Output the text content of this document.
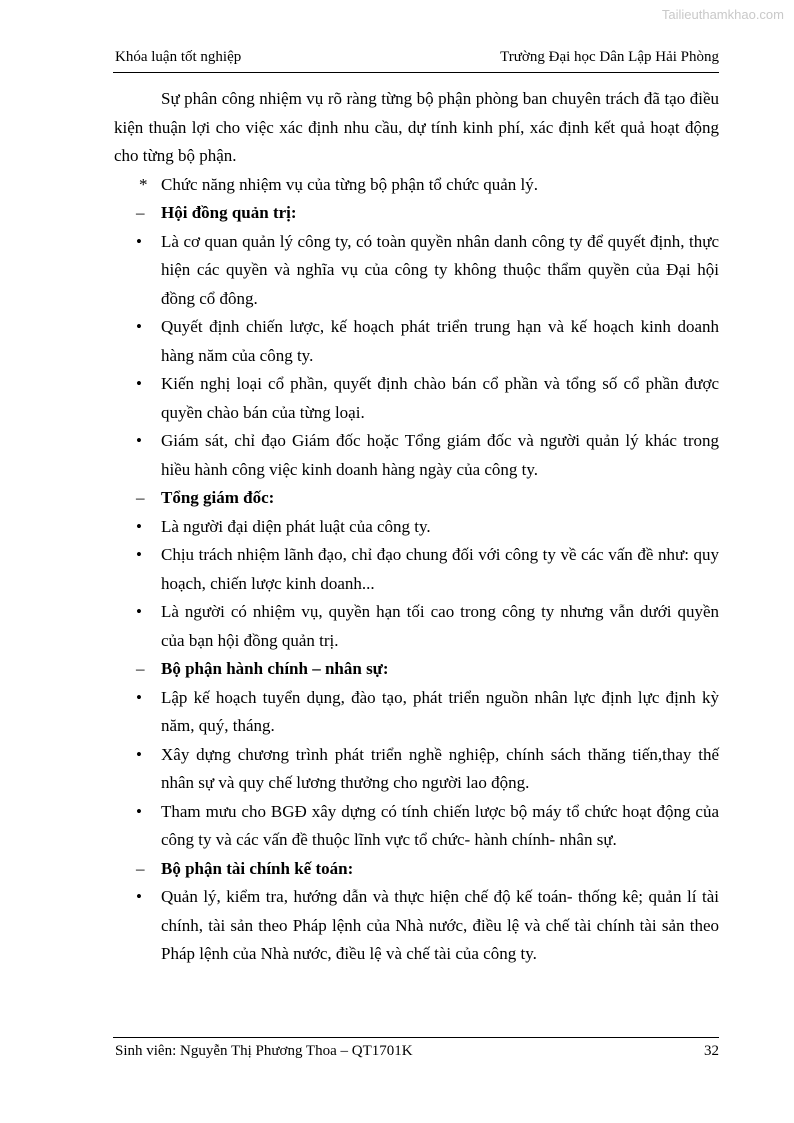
Tailieuthamkhao.com
Khóa luận tốt nghiệp	Trường Đại học Dân Lập Hải Phòng

Sự phân công nhiệm vụ rõ ràng từng bộ phận phòng ban chuyên trách đã tạo điều kiện thuận lợi cho việc xác định nhu cầu, dự tính kinh phí, xác định kết quả hoạt động cho từng bộ phận.

* Chức năng nhiệm vụ của từng bộ phận tổ chức quản lý.

– Hội đồng quản trị:

• Là cơ quan quản lý công ty, có toàn quyền nhân danh công ty để quyết định, thực hiện các quyền và nghĩa vụ của công ty không thuộc thẩm quyền của Đại hội đồng cổ đông.

• Quyết định chiến lược, kế hoạch phát triển trung hạn và kế hoạch kinh doanh hàng năm của công ty.

• Kiến nghị loại cổ phần, quyết định chào bán cổ phần và tổng số cổ phần được quyền chào bán của từng loại.

• Giám sát, chỉ đạo Giám đốc hoặc Tổng giám đốc và người quản lý khác trong hiều hành công việc kinh doanh hàng ngày của công ty.

– Tổng giám đốc:

• Là người đại diện phát luật của công ty.

• Chịu trách nhiệm lãnh đạo, chỉ đạo chung đối với công ty về các vấn đề như: quy hoạch, chiến lược kinh doanh...

• Là người có nhiệm vụ, quyền hạn tối cao trong công ty nhưng vẫn dưới quyền của bạn hội đồng quản trị.

– Bộ phận hành chính – nhân sự:

• Lập kế hoạch tuyển dụng, đào tạo, phát triển nguồn nhân lực định lực định kỳ năm, quý, tháng.

• Xây dựng chương trình phát triển nghề nghiệp, chính sách thăng tiến,thay thế nhân sự và quy chế lương thưởng cho người lao động.

• Tham mưu cho BGĐ xây dựng có tính chiến lược bộ máy tổ chức hoạt động của công ty và các vấn đề thuộc lĩnh vực tổ chức- hành chính- nhân sự.

– Bộ phận tài chính kế toán:

• Quản lý, kiểm tra, hướng dẫn và thực hiện chế độ kế toán- thống kê; quản lí tài chính, tài sản theo Pháp lệnh của Nhà nước, điều lệ và chế tài chính tài sản theo Pháp lệnh của Nhà nước, điều lệ và chế tài của công ty.

Sinh viên: Nguyễn Thị Phương Thoa – QT1701K	32
